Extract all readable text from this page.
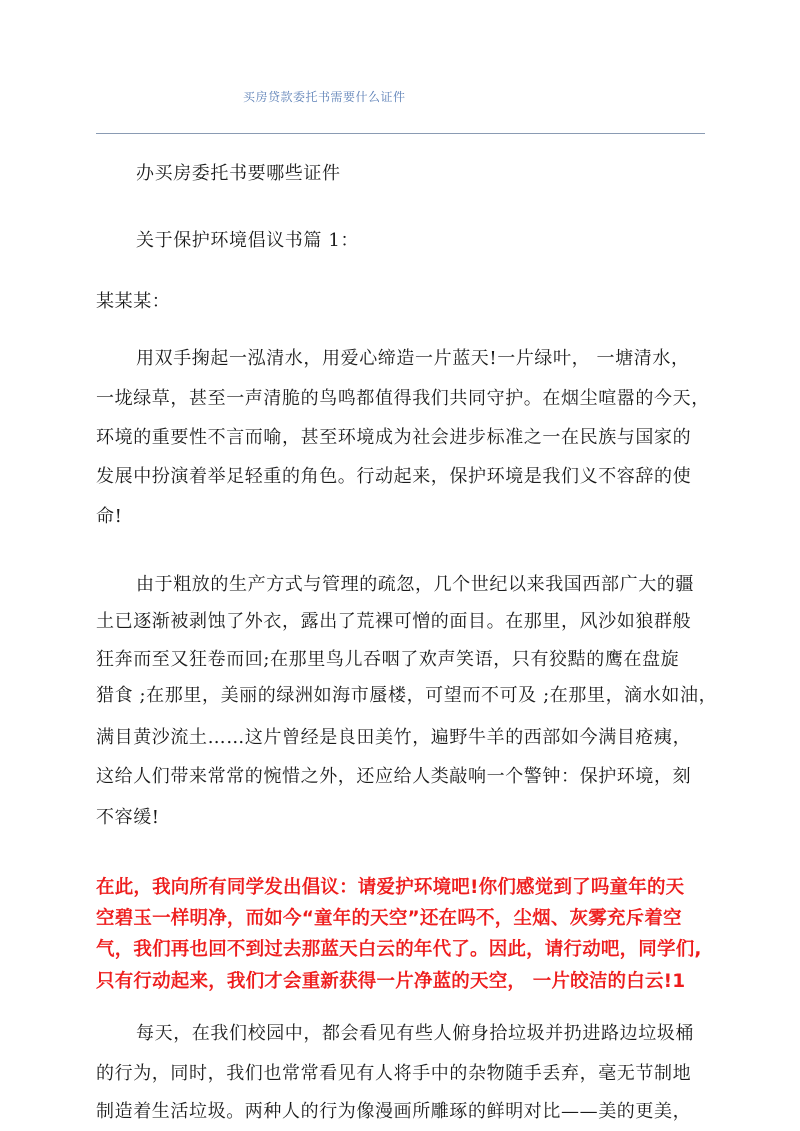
买房贷款委托书需要什么证件
办买房委托书要哪些证件
关于保护环境倡议书篇 1：
某某某：
用双手掬起一泓清水，用爱心缔造一片蓝天!一片绿叶， 一塘清水，
一垅绿草，甚至一声清脆的鸟鸣都值得我们共同守护。在烟尘喧嚣的今天，
环境的重要性不言而喻，甚至环境成为社会进步标准之一在民族与国家的
发展中扮演着举足轻重的角色。行动起来，保护环境是我们义不容辞的使
命!
由于粗放的生产方式与管理的疏忽，几个世纪以来我国西部广大的疆
土已逐渐被剥蚀了外衣，露出了荒裸可憎的面目。在那里，风沙如狼群般
狂奔而至又狂卷而回;在那里鸟儿吞咽了欢声笑语，只有狡黠的鹰在盘旋
猎食 ;在那里，美丽的绿洲如海市蜃楼，可望而不可及 ;在那里，滴水如油，
满目黄沙流土……这片曾经是良田美竹，遍野牛羊的西部如今满目疮痍，
这给人们带来常常的惋惜之外，还应给人类敲响一个警钟：保护环境，刻
不容缓!
在此，我向所有同学发出倡议：请爱护环境吧!你们感觉到了吗童年的天
空碧玉一样明净，而如今“童年的天空”还在吗不，尘烟、灰雾充斥着空
气，我们再也回不到过去那蓝天白云的年代了。因此，请行动吧，同学们,
只有行动起来，我们才会重新获得一片净蓝的天空， 一片皎洁的白云!1
每天，在我们校园中，都会看见有些人俯身拾垃圾并扔进路边垃圾桶
的行为，同时，我们也常常看见有人将手中的杂物随手丢弃，毫无节制地
制造着生活垃圾。两种人的行为像漫画所雕琢的鲜明对比——美的更美，
